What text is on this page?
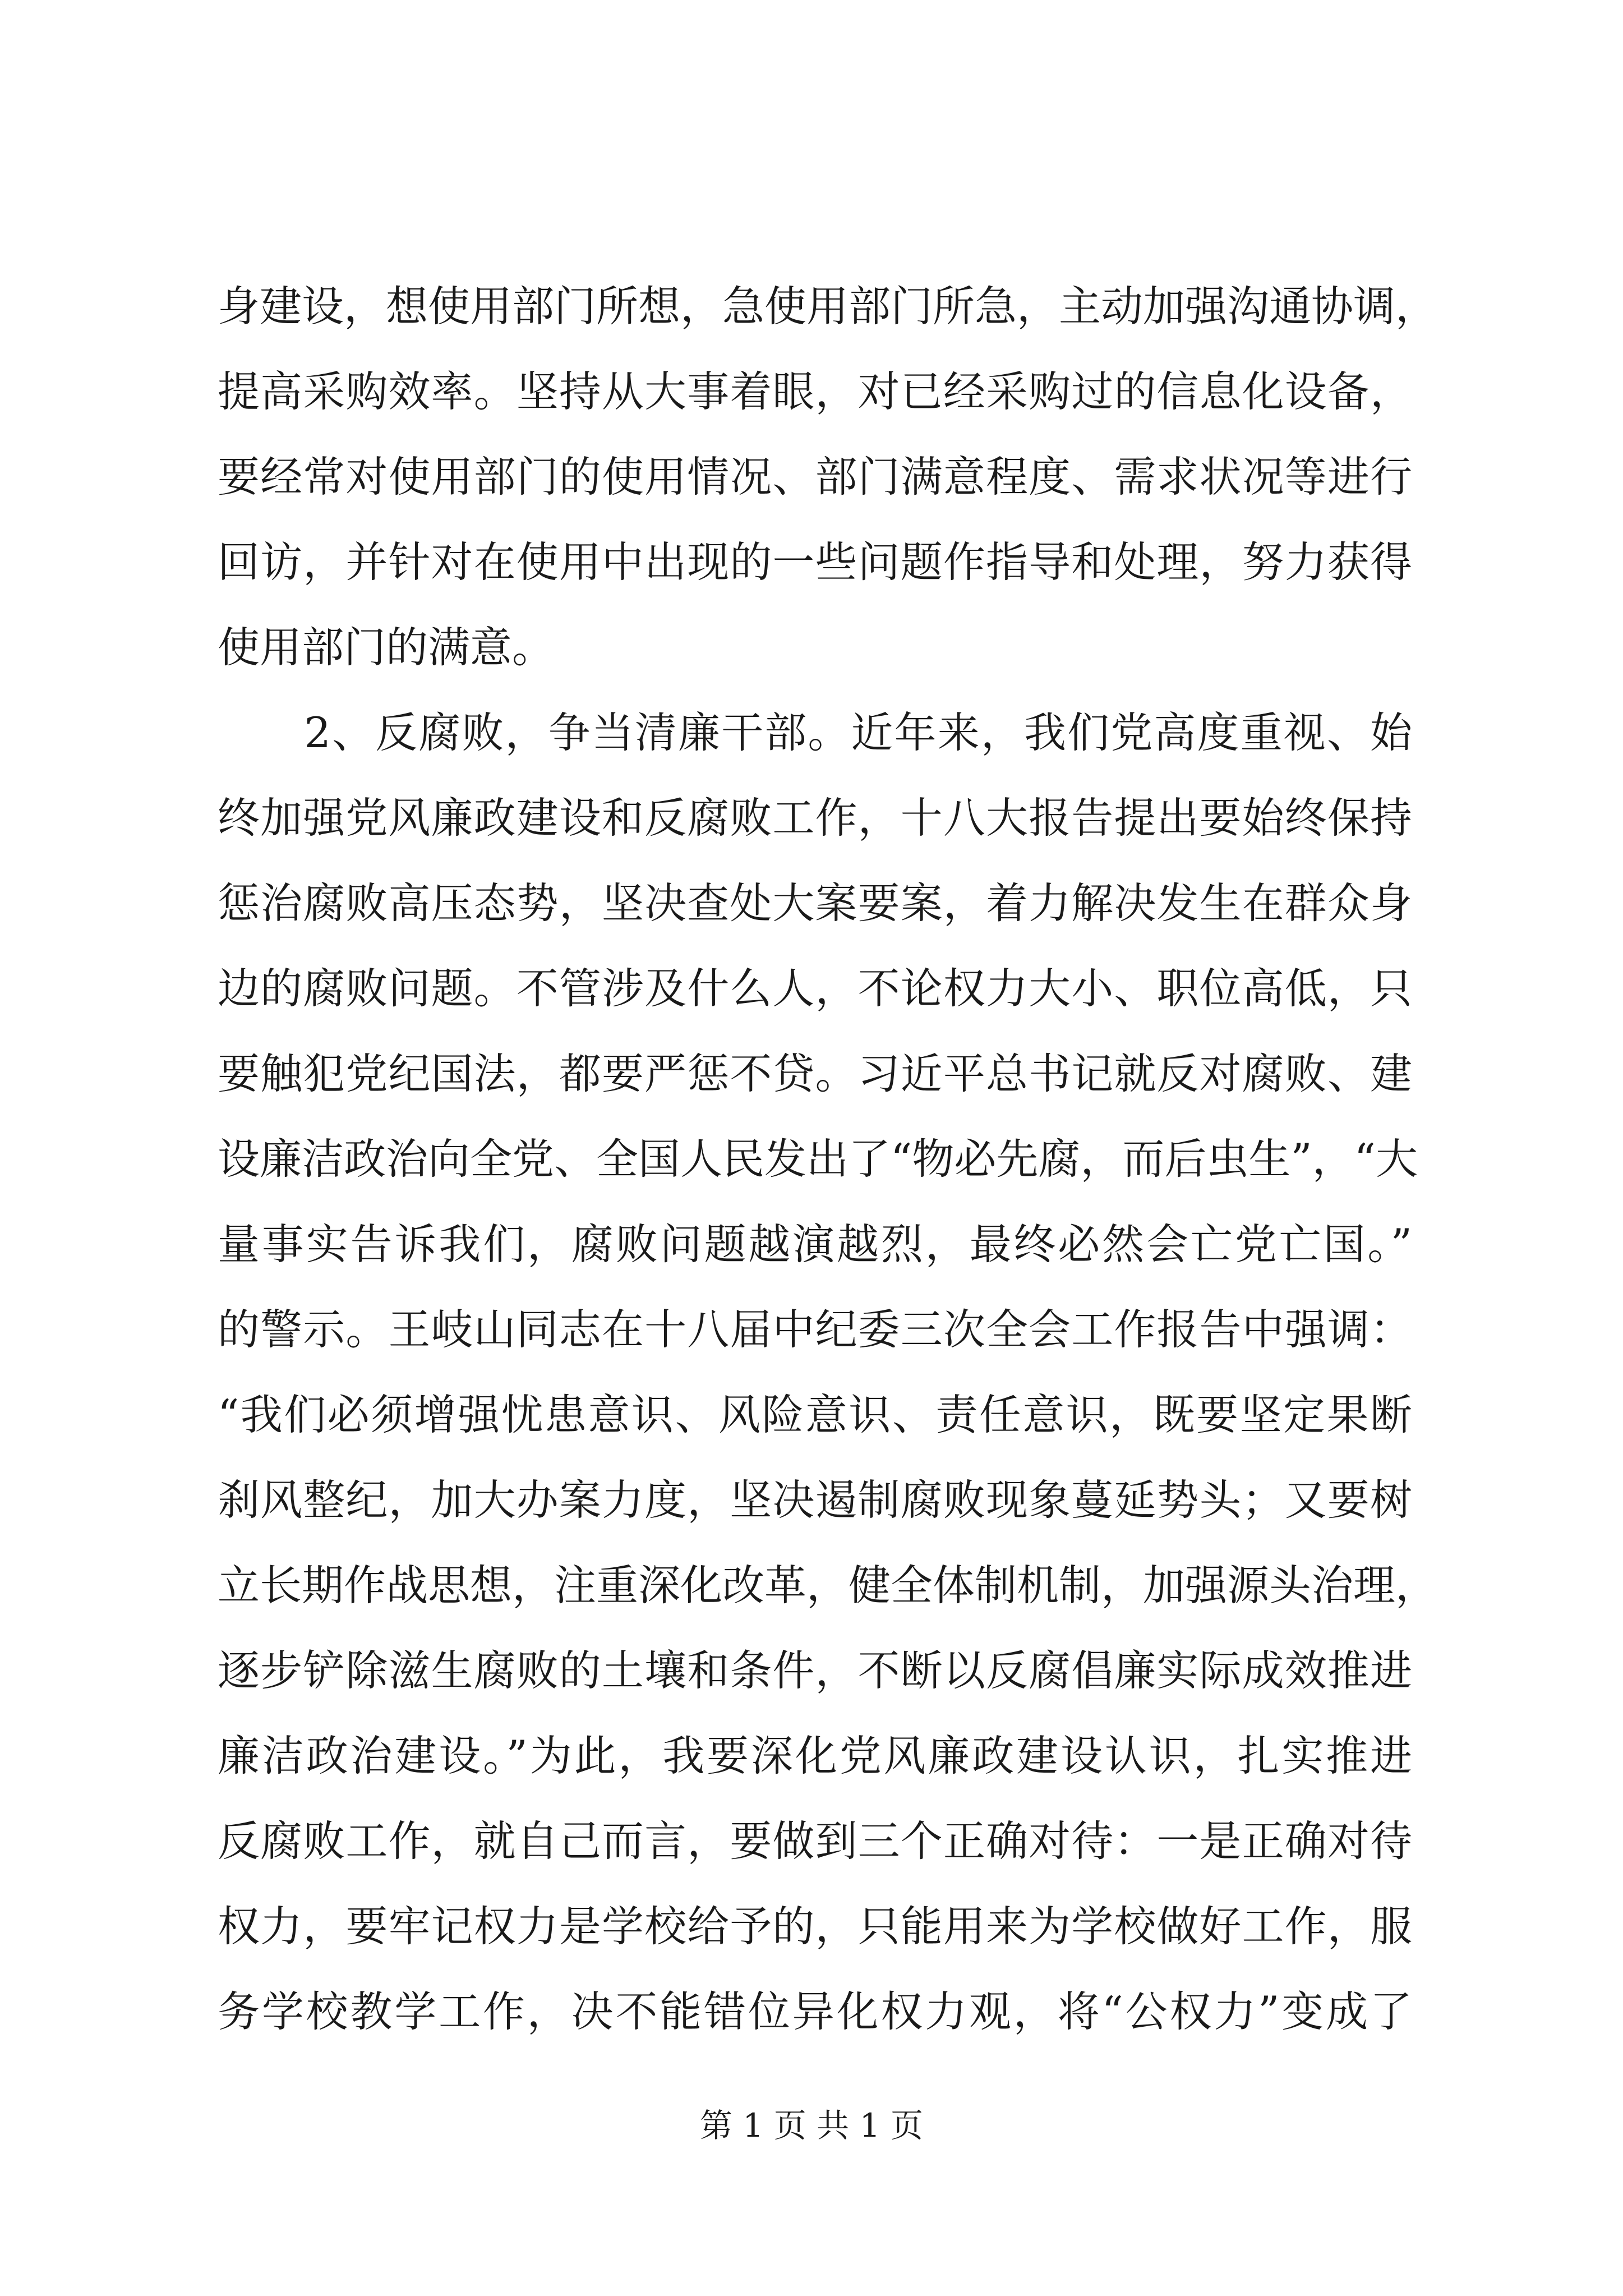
身建设，想使用部门所想，急使用部门所急，主动加强沟通协调，
提高采购效率。坚持从大事着眼，对已经采购过的信息化设备，
要经常对使用部门的使用情况、部门满意程度、需求状况等进行
回访，并针对在使用中出现的一些问题作指导和处理，努力获得
使用部门的满意。
　　2、反腐败，争当清廉干部。近年来，我们党高度重视、始
终加强党风廉政建设和反腐败工作，十八大报告提出要始终保持
惩治腐败高压态势，坚决查处大案要案，着力解决发生在群众身
边的腐败问题。不管涉及什么人，不论权力大小、职位高低，只
要触犯党纪国法，都要严惩不贷。习近平总书记就反对腐败、建
设廉洁政治向全党、全国人民发出了“物必先腐，而后虫生”，“大
量事实告诉我们，腐败问题越演越烈，最终必然会亡党亡国。”
的警示。王岐山同志在十八届中纪委三次全会工作报告中强调：
“我们必须增强忧患意识、风险意识、责任意识，既要坚定果断
刹风整纪，加大办案力度，坚决遏制腐败现象蔓延势头；又要树
立长期作战思想，注重深化改革，健全体制机制，加强源头治理，
逐步铲除滋生腐败的土壤和条件，不断以反腐倡廉实际成效推进
廉洁政治建设。”为此，我要深化党风廉政建设认识，扎实推进
反腐败工作，就自己而言，要做到三个正确对待：一是正确对待
权力，要牢记权力是学校给予的，只能用来为学校做好工作，服
务学校教学工作，决不能错位异化权力观，将“公权力”变成了
第 1 页 共 1 页
